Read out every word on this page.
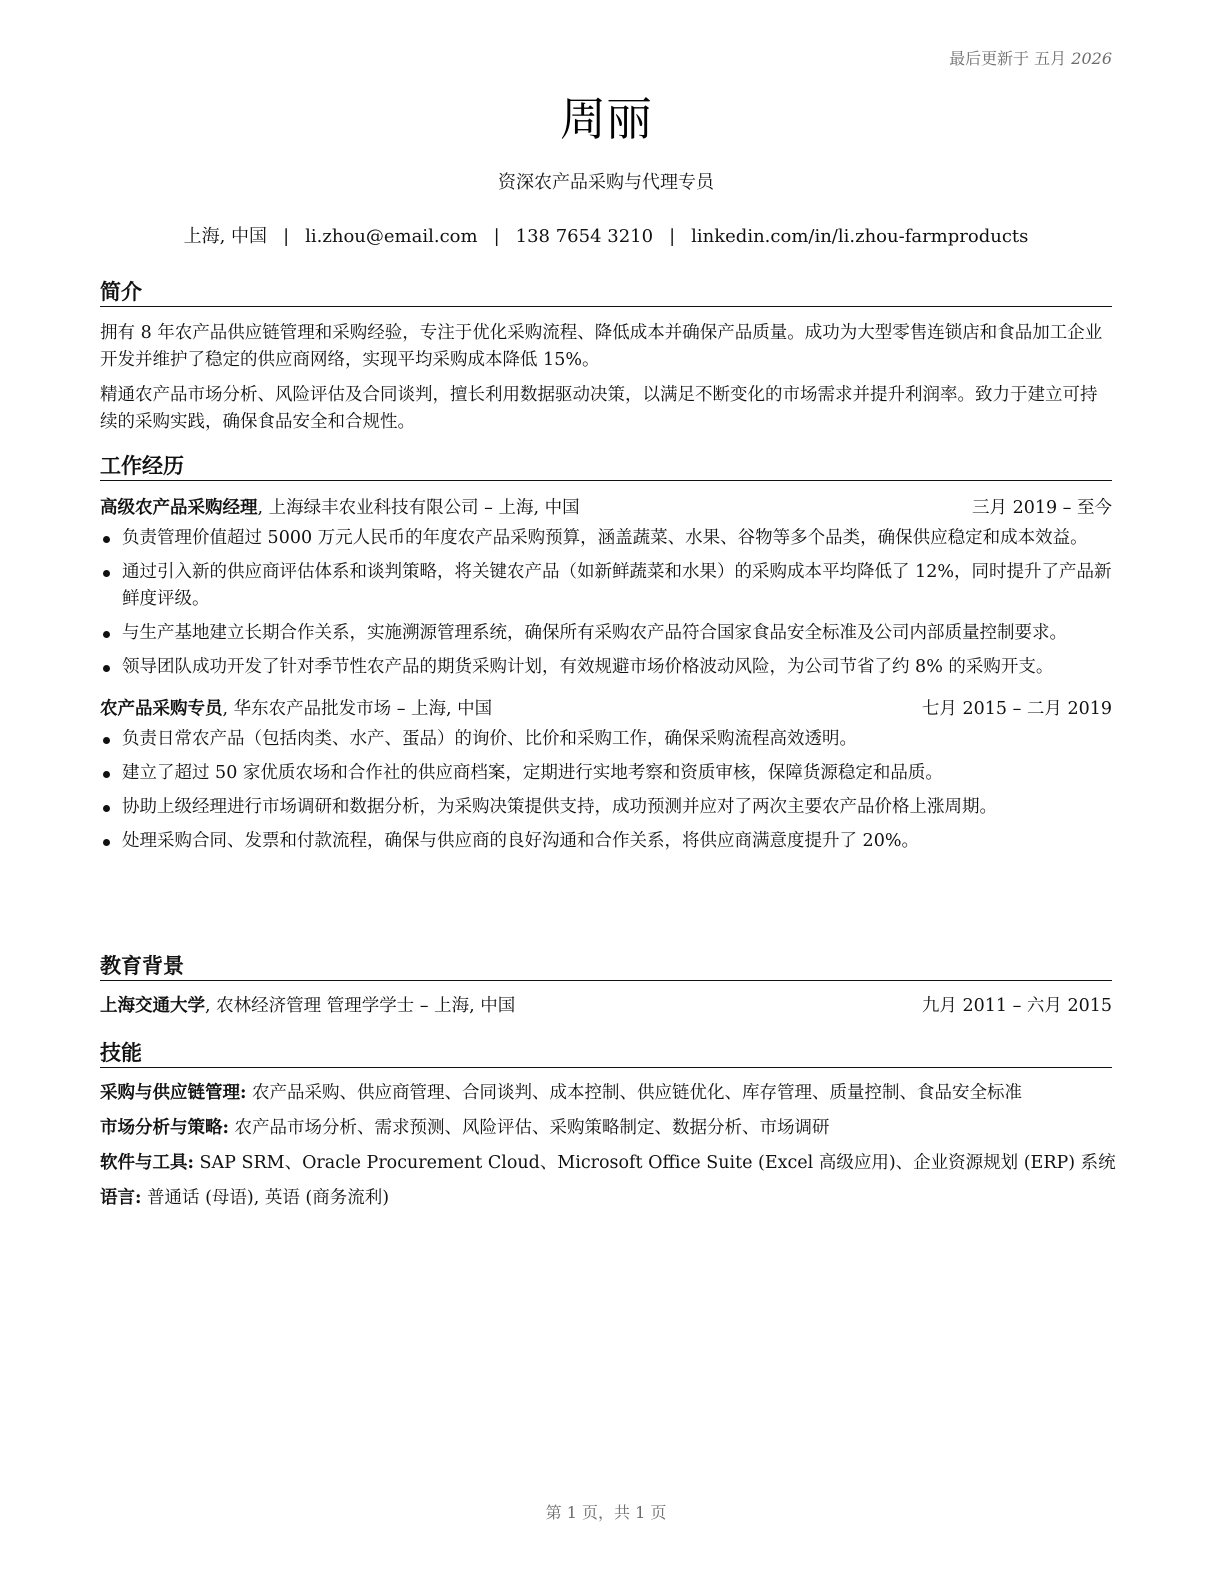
最后更新于 五月 2026
周丽
资深农产品采购与代理专员
上海, 中国 | li.zhou@email.com | 138 7654 3210 | linkedin.com/in/li.zhou-farmproducts
简介

拥有 8 年农产品供应链管理和采购经验，专注于优化采购流程、降低成本并确保产品质量。成功为大型零售连锁店和食品加工企业开发并维护了稳定的供应商网络，实现平均采购成本降低 15%。

精通农产品市场分析、风险评估及合同谈判，擅长利用数据驱动决策，以满足不断变化的市场需求并提升利润率。致力于建立可持续的采购实践，确保食品安全和合规性。

工作经历
高级农产品采购经理, 上海绿丰农业科技有限公司 – 上海, 中国	三月 2019 – 至今
负责管理价值超过 5000 万元人民币的年度农产品采购预算，涵盖蔬菜、水果、谷物等多个品类，确保供应稳定和成本效益。
通过引入新的供应商评估体系和谈判策略，将关键农产品（如新鲜蔬菜和水果）的采购成本平均降低了 12%，同时提升了产品新鲜度评级。
与生产基地建立长期合作关系，实施溯源管理系统，确保所有采购农产品符合国家食品安全标准及公司内部质量控制要求。
领导团队成功开发了针对季节性农产品的期货采购计划，有效规避市场价格波动风险，为公司节省了约 8% 的采购开支。
农产品采购专员, 华东农产品批发市场 – 上海, 中国	七月 2015 – 二月 2019
负责日常农产品（包括肉类、水产、蛋品）的询价、比价和采购工作，确保采购流程高效透明。
建立了超过 50 家优质农场和合作社的供应商档案，定期进行实地考察和资质审核，保障货源稳定和品质。
协助上级经理进行市场调研和数据分析，为采购决策提供支持，成功预测并应对了两次主要农产品价格上涨周期。
处理采购合同、发票和付款流程，确保与供应商的良好沟通和合作关系，将供应商满意度提升了 20%。
教育背景
上海交通大学, 农林经济管理 管理学学士 – 上海, 中国	九月 2011 – 六月 2015
技能
采购与供应链管理: 农产品采购、供应商管理、合同谈判、成本控制、供应链优化、库存管理、质量控制、食品安全标准
市场分析与策略: 农产品市场分析、需求预测、风险评估、采购策略制定、数据分析、市场调研
软件与工具: SAP SRM、Oracle Procurement Cloud、Microsoft Office Suite (Excel 高级应用)、企业资源规划 (ERP) 系统
语言: 普通话 (母语), 英语 (商务流利)
第 1 页，共 1 页
